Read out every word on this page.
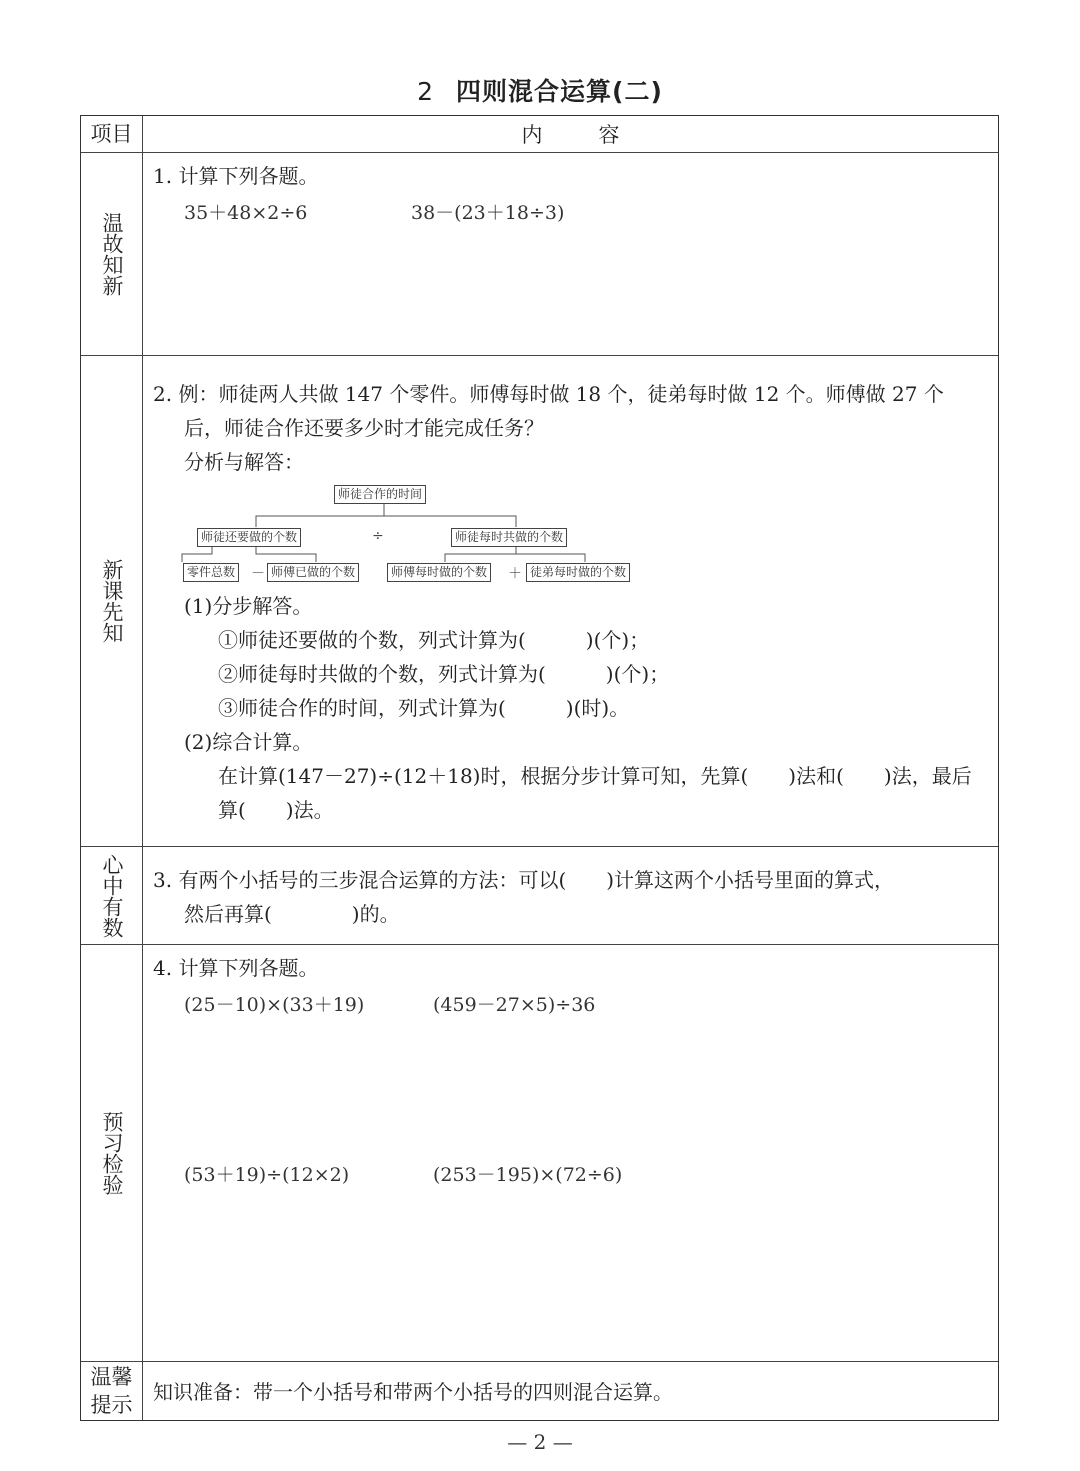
2 四则混合运算(二)
项目	内容
温故知新
1. 计算下列各题。
35＋48×2÷6	38－(23＋18÷3)
新课先知
2. 例：师徒两人共做 147 个零件。师傅每时做 18 个，徒弟每时做 12 个。师傅做 27 个
后，师徒合作还要多少时才能完成任务？
分析与解答：
师徒合作的时间
师徒还要做的个数	÷	师徒每时共做的个数
零件总数 － 师傅已做的个数	师傅每时做的个数 ＋ 徒弟每时做的个数
(1)分步解答。
①师徒还要做的个数，列式计算为(　　　)(个)；
②师徒每时共做的个数，列式计算为(　　　)(个)；
③师徒合作的时间，列式计算为(　　　)(时)。
(2)综合计算。
在计算(147－27)÷(12＋18)时，根据分步计算可知，先算(　　)法和(　　)法，最后
算(　　)法。
心中有数 3. 有两个小括号的三步混合运算的方法：可以(　　)计算这两个小括号里面的算式，
然后再算(　　　　)的。
预习检验
4. 计算下列各题。
(25－10)×(33＋19)	(459－27×5)÷36
(53＋19)÷(12×2)	(253－195)×(72÷6)
温馨提示
知识准备：带一个小括号和带两个小括号的四则混合运算。
— 2 —
